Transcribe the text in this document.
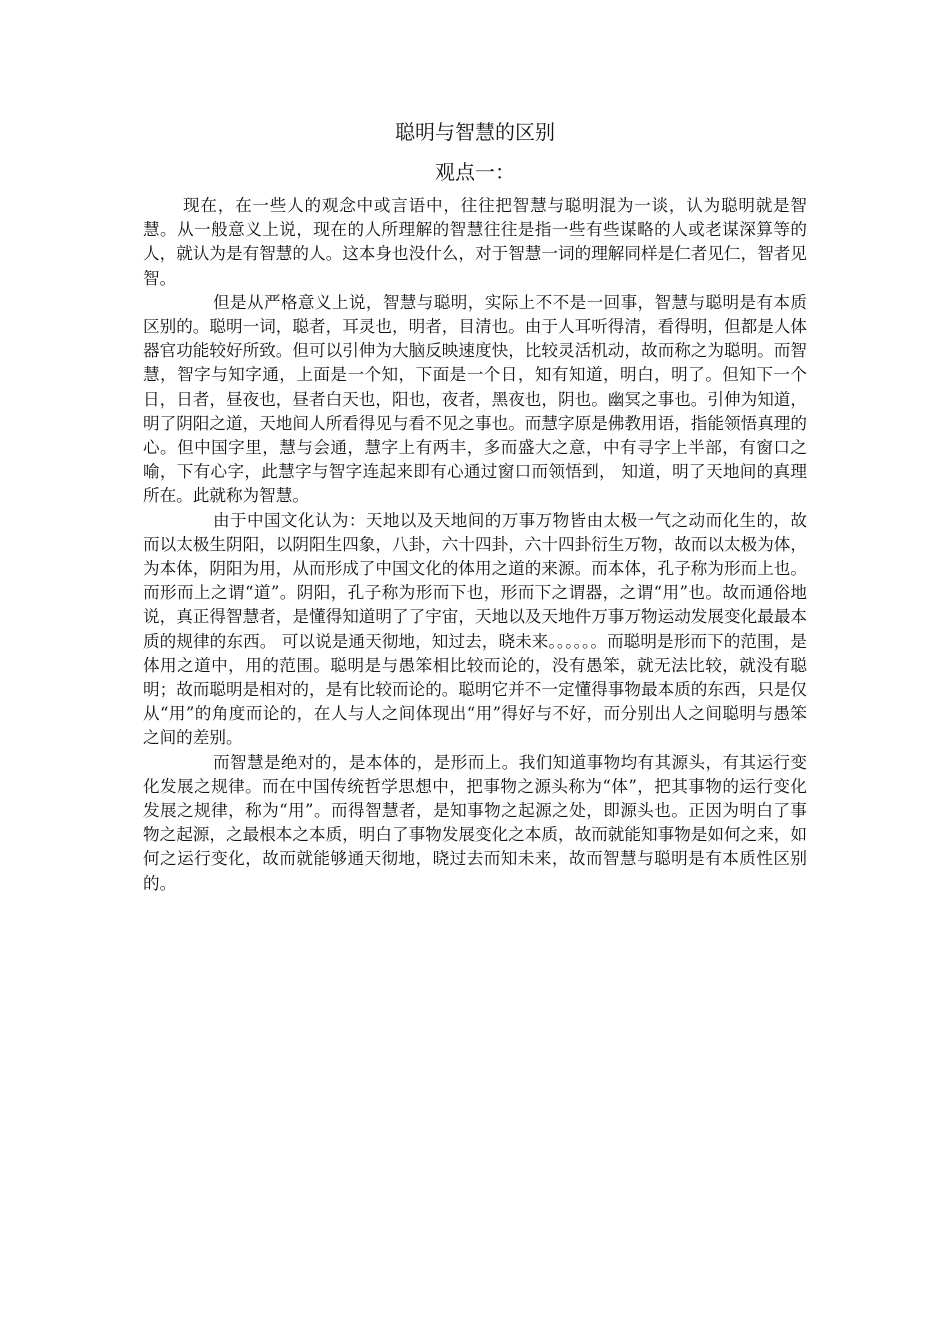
聪明与智慧的区别
观点一：

现在，在一些人的观念中或言语中，往往把智慧与聪明混为一谈，认为聪明就是智慧。从一般意义上说，现在的人所理解的智慧往往是指一些有些谋略的人或老谋深算等的人，就认为是有智慧的人。这本身也没什么，对于智慧一词的理解同样是仁者见仁，智者见智。

但是从严格意义上说，智慧与聪明，实际上不不是一回事，智慧与聪明是有本质区别的。聪明一词，聪者，耳灵也，明者，目清也。由于人耳听得清，看得明，但都是人体器官功能较好所致。但可以引伸为大脑反映速度快，比较灵活机动，故而称之为聪明。而智慧，智字与知字通，上面是一个知，下面是一个日，知有知道，明白，明了。但知下一个日，日者，昼夜也，昼者白天也，阳也，夜者，黑夜也，阴也。幽冥之事也。引伸为知道，明了阴阳之道，天地间人所看得见与看不见之事也。而慧字原是佛教用语，指能领悟真理的心。但中国字里，慧与会通，慧字上有两丰，多而盛大之意，中有寻字上半部，有窗口之喻，下有心字，此慧字与智字连起来即有心通过窗口而领悟到， 知道，明了天地间的真理所在。此就称为智慧。

由于中国文化认为：天地以及天地间的万事万物皆由太极一气之动而化生的，故而以太极生阴阳，以阴阳生四象，八卦，六十四卦，六十四卦衍生万物，故而以太极为体，为本体，阴阳为用，从而形成了中国文化的体用之道的来源。而本体，孔子称为形而上也。而形而上之谓“道”。阴阳，孔子称为形而下也，形而下之谓器，之谓“用”也。故而通俗地说，真正得智慧者，是懂得知道明了了宇宙，天地以及天地件万事万物运动发展变化最最本质的规律的东西。 可以说是通天彻地，知过去，晓未来。。。。。。而聪明是形而下的范围，是体用之道中，用的范围。聪明是与愚笨相比较而论的，没有愚笨，就无法比较，就没有聪明；故而聪明是相对的，是有比较而论的。聪明它并不一定懂得事物最本质的东西，只是仅从“用”的角度而论的，在人与人之间体现出“用”得好与不好，而分别出人之间聪明与愚笨之间的差别。

而智慧是绝对的，是本体的，是形而上。我们知道事物均有其源头，有其运行变化发展之规律。而在中国传统哲学思想中，把事物之源头称为“体”，把其事物的运行变化发展之规律，称为“用”。而得智慧者，是知事物之起源之处，即源头也。正因为明白了事物之起源，之最根本之本质，明白了事物发展变化之本质，故而就能知事物是如何之来，如何之运行变化，故而就能够通天彻地，晓过去而知未来，故而智慧与聪明是有本质性区别的。
